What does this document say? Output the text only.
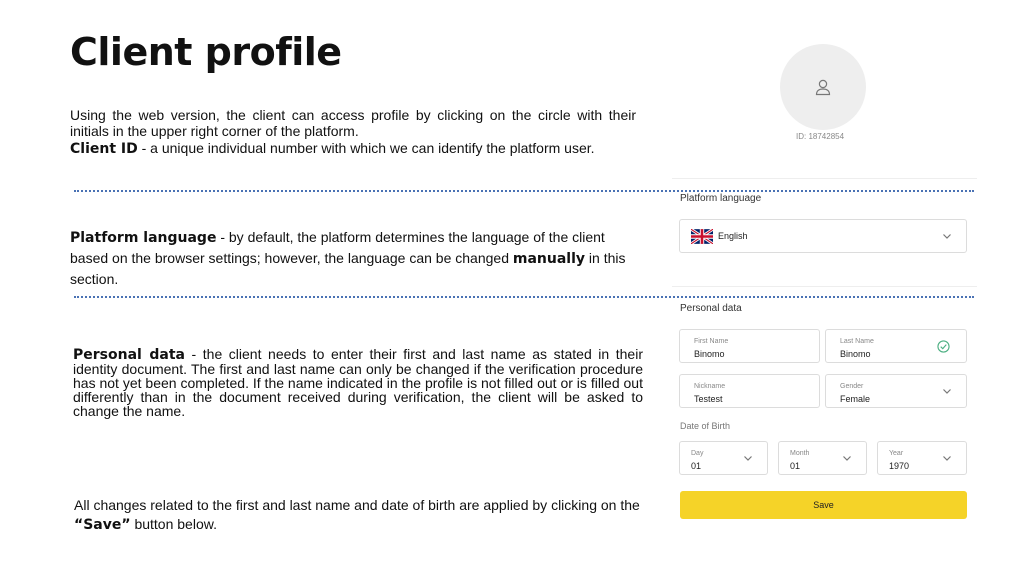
Client profile

Using the web version, the client can access profile by clicking on the circle with their initials in the upper right corner of the platform.

Client ID - a unique individual number with which we can identify the platform user.

Platform language - by default, the platform determines the language of the client based on the browser settings; however, the language can be changed manually in this section.

Personal data - the client needs to enter their first and last name as stated in their identity document. The first and last name can only be changed if the verification procedure has not yet been completed. If the name indicated in the profile is not filled out or is filled out differently than in the document received during verification, the client will be asked to change the name.

All changes related to the first and last name and date of birth are applied by clicking on the “Save” button below.

ID: 18742854
Platform language
English
Personal data
First Name
Binomo
Last Name
Binomo
Nickname
Testest
Gender
Female
Date of Birth
Day
01
Month
01
Year
1970
Save
